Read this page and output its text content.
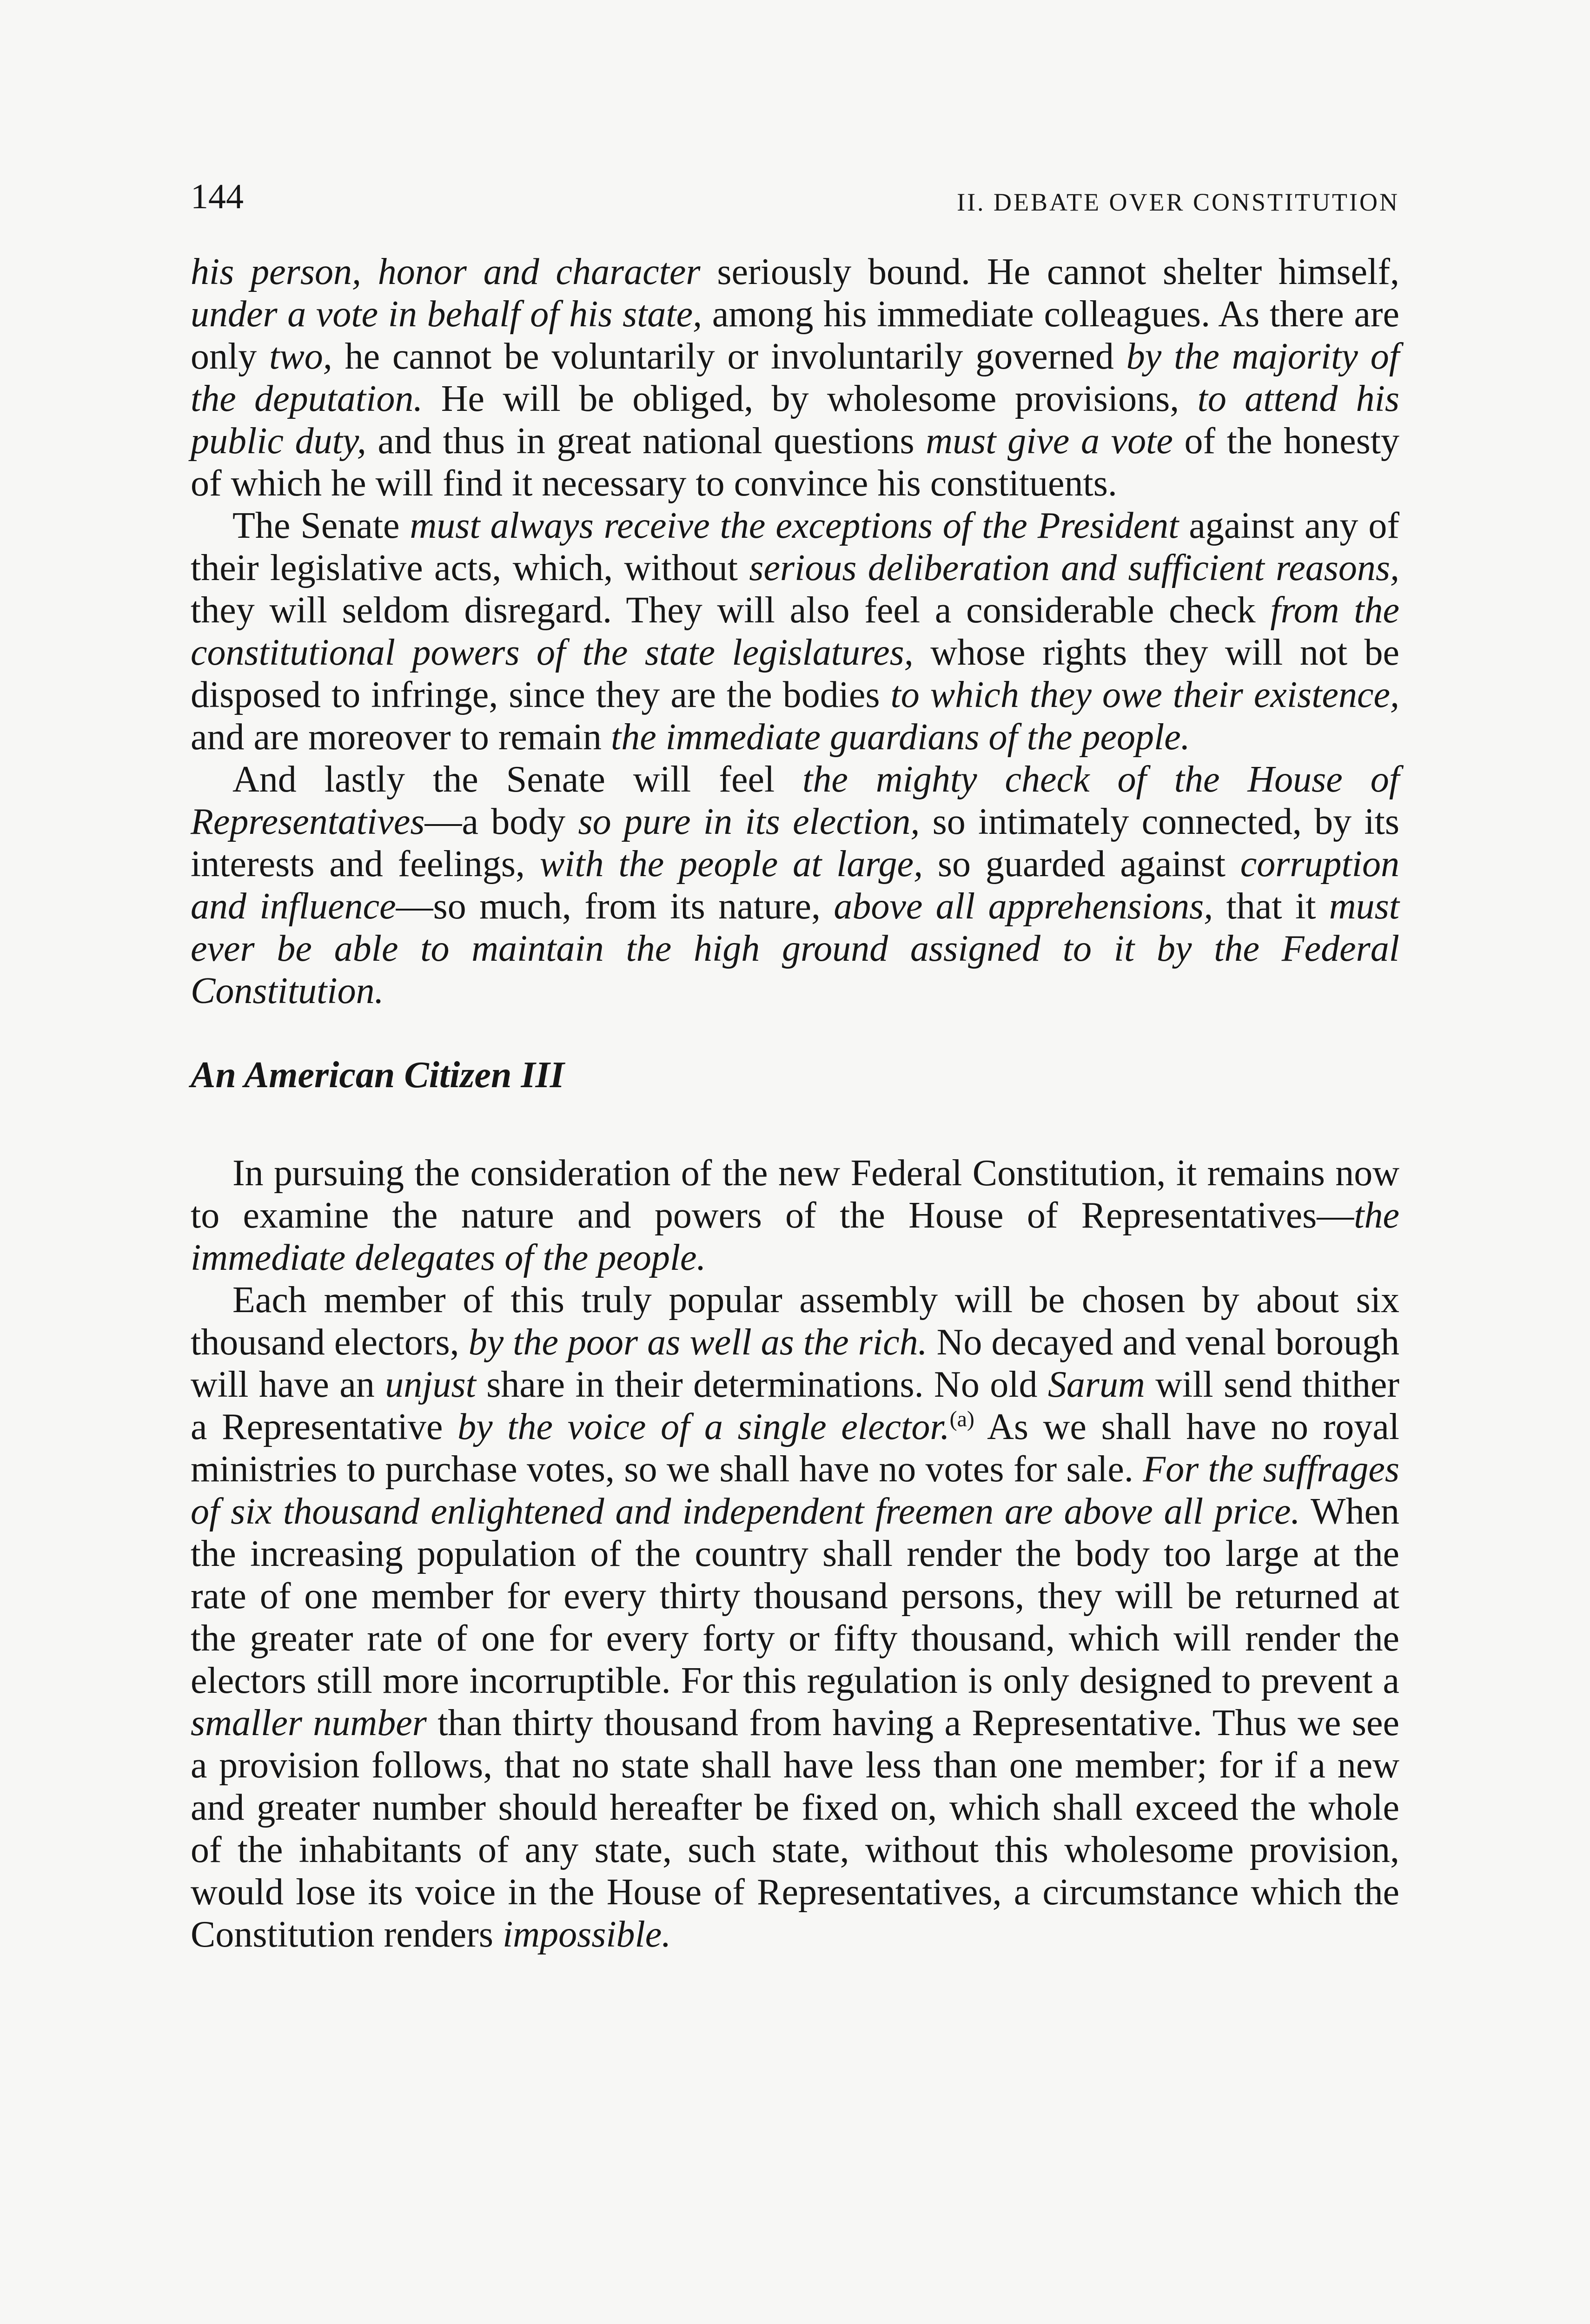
144	II. DEBATE OVER CONSTITUTION

his person, honor and character seriously bound. He cannot shelter himself, under a vote in behalf of his state, among his immediate colleagues. As there are only two, he cannot be voluntarily or involuntarily governed by the majority of the deputation. He will be obliged, by wholesome provisions, to attend his public duty, and thus in great national questions must give a vote of the honesty of which he will find it necessary to convince his constituents.

The Senate must always receive the exceptions of the President against any of their legislative acts, which, without serious deliberation and sufficient reasons, they will seldom disregard. They will also feel a considerable check from the constitutional powers of the state legislatures, whose rights they will not be disposed to infringe, since they are the bodies to which they owe their existence, and are moreover to remain the immediate guardians of the people.

And lastly the Senate will feel the mighty check of the House of Representatives—a body so pure in its election, so intimately connected, by its interests and feelings, with the people at large, so guarded against corruption and influence—so much, from its nature, above all apprehensions, that it must ever be able to maintain the high ground assigned to it by the Federal Constitution.

An American Citizen III

In pursuing the consideration of the new Federal Constitution, it remains now to examine the nature and powers of the House of Representatives—the immediate delegates of the people.

Each member of this truly popular assembly will be chosen by about six thousand electors, by the poor as well as the rich. No decayed and venal borough will have an unjust share in their determinations. No old Sarum will send thither a Representative by the voice of a single elector.$^{(a)}$ As we shall have no royal ministries to purchase votes, so we shall have no votes for sale. For the suffrages of six thousand enlightened and independent freemen are above all price. When the increasing population of the country shall render the body too large at the rate of one member for every thirty thousand persons, they will be returned at the greater rate of one for every forty or fifty thousand, which will render the electors still more incorruptible. For this regulation is only designed to prevent a smaller number than thirty thousand from having a Representative. Thus we see a provision follows, that no state shall have less than one member; for if a new and greater number should hereafter be fixed on, which shall exceed the whole of the inhabitants of any state, such state, without this wholesome provision, would lose its voice in the House of Representatives, a circumstance which the Constitution renders impossible.
